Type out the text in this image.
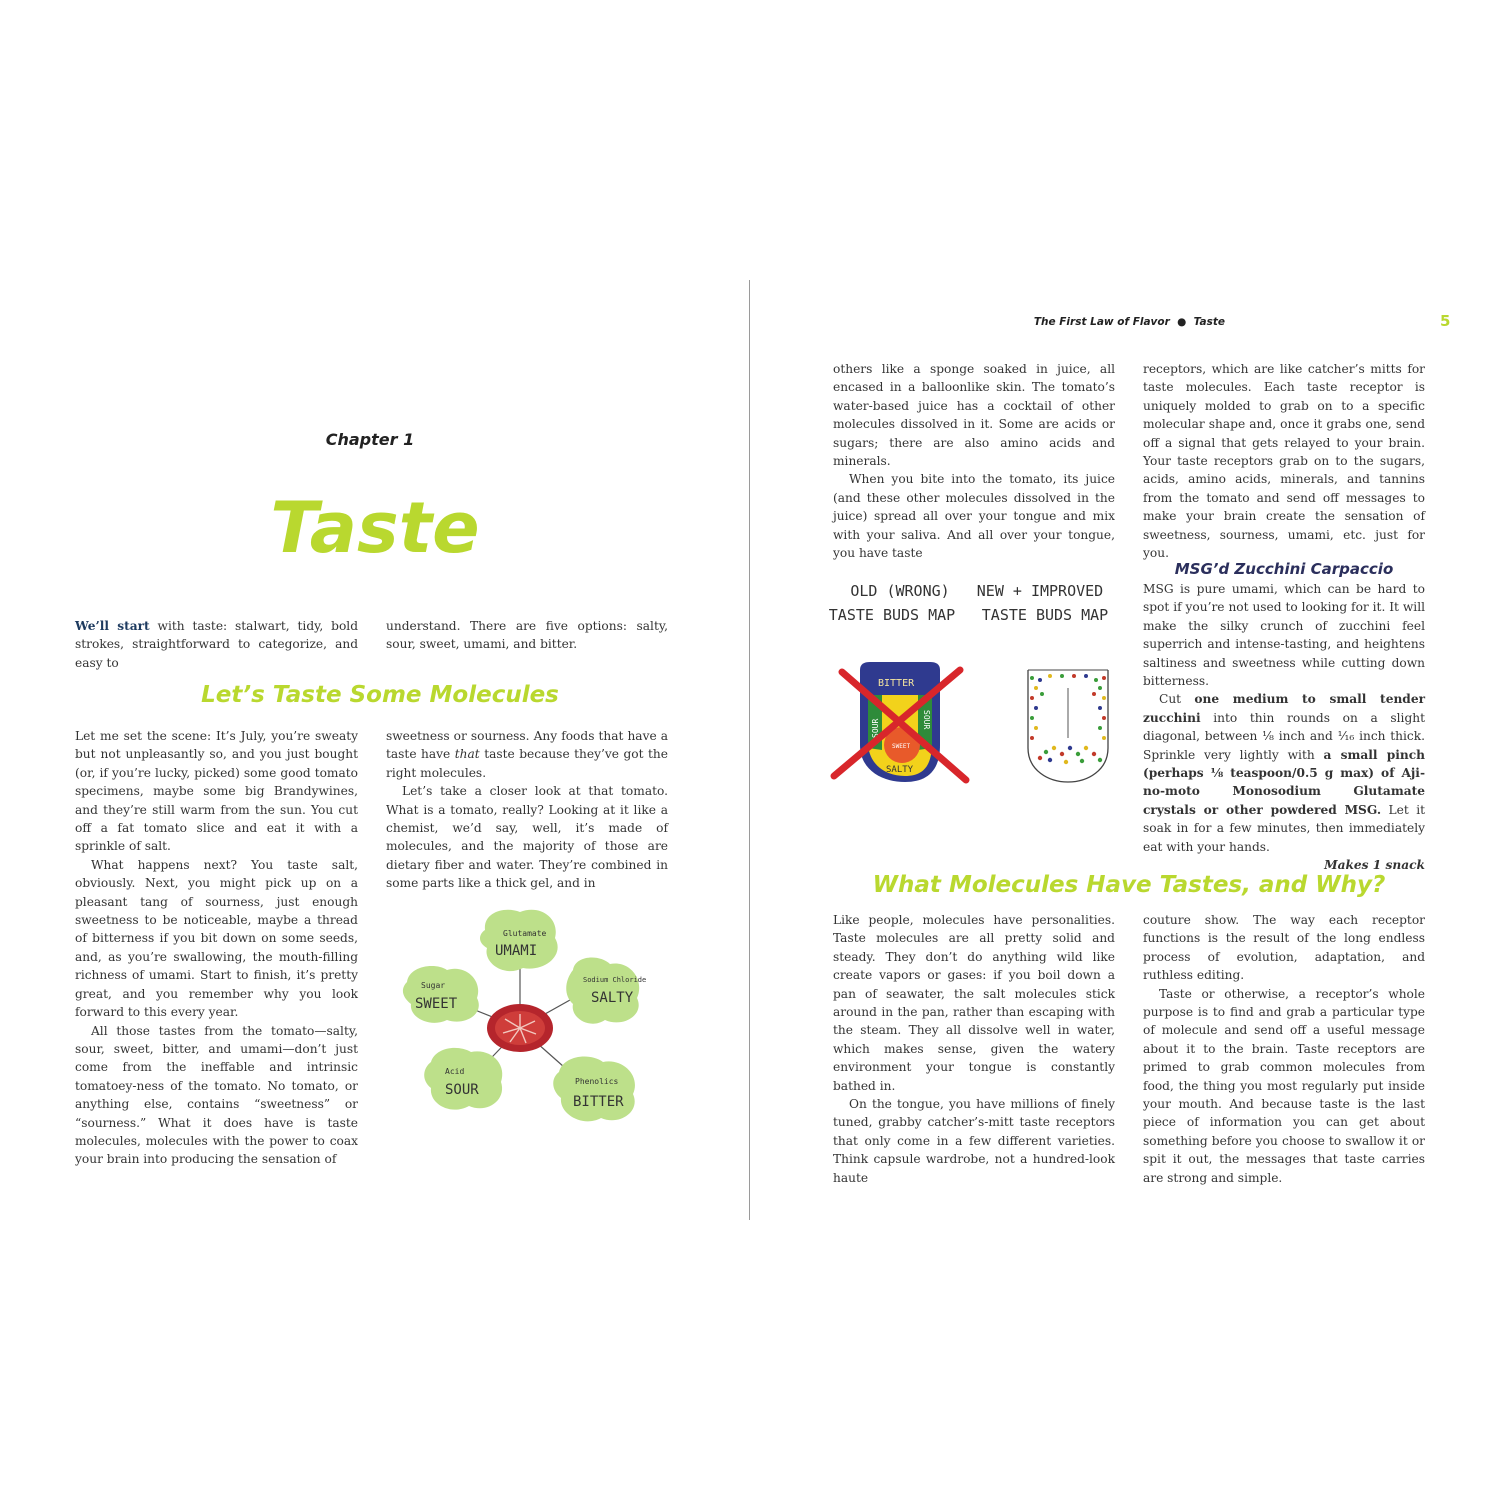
Chapter 1
Taste
We’ll start with taste: stalwart, tidy, bold strokes, straightforward to categorize, and easy to
understand. There are five options: salty, sour, sweet, umami, and bitter.
Let’s Taste Some Molecules

Let me set the scene: It’s July, you’re sweaty but not unpleasantly so, and you just bought (or, if you’re lucky, picked) some good tomato specimens, maybe some big Brandywines, and they’re still warm from the sun. You cut off a fat tomato slice and eat it with a sprinkle of salt.

What happens next? You taste salt, obviously. Next, you might pick up on a pleasant tang of sourness, just enough sweetness to be noticeable, maybe a thread of bitterness if you bit down on some seeds, and, as you’re swallowing, the mouth-filling richness of umami. Start to finish, it’s pretty great, and you remember why you look forward to this every year.

All those tastes from the tomato—salty, sour, sweet, bitter, and umami—don’t just come from the ineffable and intrinsic tomatoey-ness of the tomato. No tomato, or anything else, contains “sweetness” or “sourness.” What it does have is taste molecules, molecules with the power to coax your brain into producing the sensation of

sweetness or sourness. Any foods that have a taste have that taste because they’ve got the right molecules.

Let’s take a closer look at that tomato. What is a tomato, really? Looking at it like a chemist, we’d say, well, it’s made of molecules, and the majority of those are dietary fiber and water. They’re combined in some parts like a thick gel, and in

Glutamate
UMAMI
Sodium Chloride
SALTY
Sugar
SWEET
Acid
SOUR
Phenolics
BITTER
The First Law of Flavor  ●  Taste	5

others like a sponge soaked in juice, all encased in a balloonlike skin. The tomato’s water-based juice has a cocktail of other molecules dissolved in it. Some are acids or sugars; there are also amino acids and minerals.

When you bite into the tomato, its juice (and these other molecules dissolved in the juice) spread all over your tongue and mix with your saliva. And all over your tongue, you have taste

receptors, which are like catcher’s mitts for taste molecules. Each taste receptor is uniquely molded to grab on to a specific molecular shape and, once it grabs one, send off a signal that gets relayed to your brain. Your taste receptors grab on to the sugars, acids, amino acids, minerals, and tannins from the tomato and send off messages to make your brain create the sensation of sweetness, sourness, umami, etc. just for you.

OLD (WRONG)
TASTE BUDS MAP
NEW + IMPROVED
TASTE BUDS MAP
BITTER
SOUR	SOUR
SWEET
SALTY
MSG’d Zucchini Carpaccio

MSG is pure umami, which can be hard to spot if you’re not used to looking for it. It will make the silky crunch of zucchini feel superrich and intense-tasting, and heightens saltiness and sweetness while cutting down bitterness.

Cut one medium to small tender zucchini into thin rounds on a slight diagonal, between ⅛ inch and ¹⁄₁₆ inch thick. Sprinkle very lightly with a small pinch (perhaps ⅛ teaspoon/0.5 g max) of Aji-no-moto Monosodium Glutamate crystals or other powdered MSG. Let it soak in for a few minutes, then immediately eat with your hands.

Makes 1 snack

What Molecules Have Tastes, and Why?

Like people, molecules have personalities. Taste molecules are all pretty solid and steady. They don’t do anything wild like create vapors or gases: if you boil down a pan of seawater, the salt molecules stick around in the pan, rather than escaping with the steam. They all dissolve well in water, which makes sense, given the watery environment your tongue is constantly bathed in.

On the tongue, you have millions of finely tuned, grabby catcher’s-mitt taste receptors that only come in a few different varieties. Think capsule wardrobe, not a hundred-look haute

couture show. The way each receptor functions is the result of the long endless process of evolution, adaptation, and ruthless editing.

Taste or otherwise, a receptor’s whole purpose is to find and grab a particular type of molecule and send off a useful message about it to the brain. Taste receptors are primed to grab common molecules from food, the thing you most regularly put inside your mouth. And because taste is the last piece of information you can get about something before you choose to swallow it or spit it out, the messages that taste carries are strong and simple.
